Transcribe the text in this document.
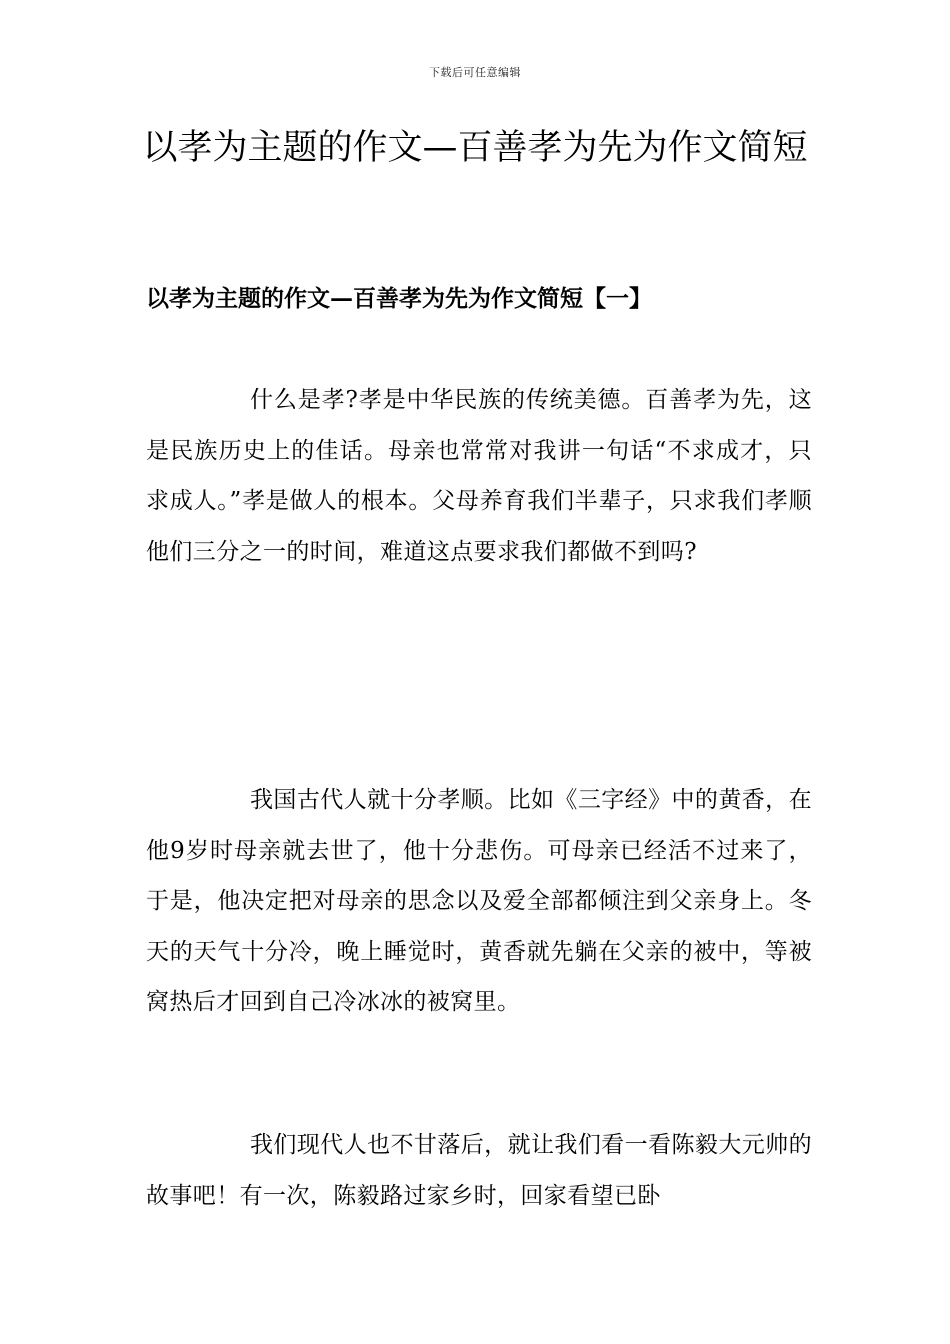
下载后可任意编辑
以孝为主题的作文—百善孝为先为作文简短
以孝为主题的作文—百善孝为先为作文简短【一】

什么是孝?孝是中华民族的传统美德。百善孝为先，这是民族历史上的佳话。母亲也常常对我讲一句话“不求成才，只求成人。”孝是做人的根本。父母养育我们半辈子，只求我们孝顺他们三分之一的时间，难道这点要求我们都做不到吗?

我国古代人就十分孝顺。比如《三字经》中的黄香，在他9岁时母亲就去世了，他十分悲伤。可母亲已经活不过来了，于是，他决定把对母亲的思念以及爱全部都倾注到父亲身上。冬天的天气十分冷，晚上睡觉时，黄香就先躺在父亲的被中，等被窝热后才回到自己冷冰冰的被窝里。

我们现代人也不甘落后，就让我们看一看陈毅大元帅的故事吧！有一次，陈毅路过家乡时，回家看望已卧
